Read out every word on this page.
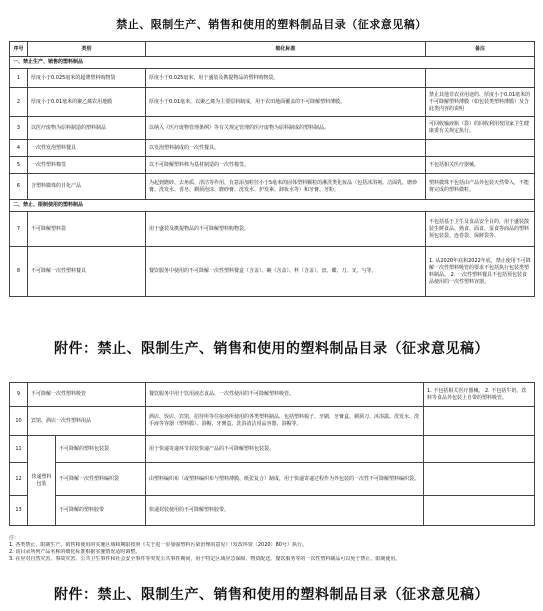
禁止、限制生产、销售和使用的塑料制品目录（征求意见稿）
序号	类别	细化标准	备注
一、禁止生产、销售的塑料制品			
1	厚度小于0.025毫米的超薄塑料购物袋	厚度小于0.025毫米，用于盛装及携提物品的塑料购物袋。	
2	厚度小于0.01毫米的聚乙烯农用地膜	厚度小于0.01毫米，以聚乙烯为主要原料制成，用于农田地面覆盖的不可降解塑料薄膜。	禁止其他非农业用途的、厚度小于0.01毫米的不可降解塑料薄膜（如包装类塑料薄膜）及含此类内容的说明
3	以医疗废物为原料制造的塑料制品	以纳入《医疗废物管理条例》等有关规定管理的医疗废物为原料制成的塑料制品。	可回收输液瓶（袋）的回收利用按国家卫生健康委有关规定执行。
4	一次性发泡塑料餐具	以发泡塑料制成的一次性餐具。	
5	一次性塑料棉签	以不可降解塑料棒为基材制造的一次性棉签。	不包括相关医疗器械。
6	含塑料微珠的日化产品	为起到磨砂、去角质、清洁等作用，有意添加粒径小于5毫米的固体塑料颗粒的淋洗类化妆品（包括沐浴剂、洁面乳、磨砂膏、洗发水、香皂、剃须泡沫、磨砂膏、洗发水、护发素、卸妆水等）和牙膏、牙粉。	塑料微珠不包括由产品外包装天然带入，不能将完成的塑料微粒。
二、禁止、限制使用的塑料制品			
7	不可降解塑料袋	用于盛装及携提物品的不可降解塑料购物袋。	不包括基于卫生及食品安全目的，用于盛装散装生鲜食品、熟食、面食、蛋食等商品的塑料预包装袋、连卷袋、保鲜袋等。
8	不可降解一次性塑料餐具	餐饮服务中使用的不可降解一次性塑料餐盒（含盖）、碗（含盖）、杯（含盖）、盘、碟、刀、叉、勺等。	1. 从2020年底和2022年底，禁止使用不可降解一次性塑料吸管的要求不包括执行包装类塑料制品。 2. 一次性塑料餐具不包括预包装食品使用的一次性塑料容器。
附件：禁止、限制生产、销售和使用的塑料制品目录（征求意见稿）
9	不可降解一次性塑料吸管		餐饮服务中用于饮用液态食品、一次性使用的不可降解塑料吸管。	1. 不包括相关医疗器械。 2. 不包括牛奶、饮料等食品外包装上自带的塑料吸管。
10	宾馆、酒店一次性塑料用品		酒店、饭店、宾馆、招待所等住宿场所使用的各类塑料制品，包括塑料梳子、牙刷、牙膏盒、剃须刀、沐浴露、洗发水、洗手液等容器（塑料膜）、浴帽、牙膏盒、洗浴清洁用品容器、浴帽等。	
11	快递塑料包装	不可降解的塑料包装袋	用于快递寄递环节封装快递产品的不可降解塑料包装袋。	
12		不可降解一次性塑料编织袋	由塑料编织布（或塑料编织布与塑料薄膜、纸张复合）制成，用于快递寄递过程作为外包装的一次性不可降解塑料编织袋。	
13		不可降解的塑料胶带	快递封装使用的不可降解塑料胶带。	
注：
1. 各类禁止、限制生产、销售和使用的实施区域和期限按照《关于进一步加强塑料污染治理的意见》（发改环资〔2020〕80号）执行。
2. 该目录所列产品名称的细化标准根据实施情况适时调整。
3. 在应对自然灾害、事故灾害、公共卫生事件和社会安全事件等突发公共事件期间，用于特定区域应急保障、物资配送、餐饮服务等的一次性塑料制品可以免于禁止、限制使用。
附件：禁止、限制生产、销售和使用的塑料制品目录（征求意见稿）
